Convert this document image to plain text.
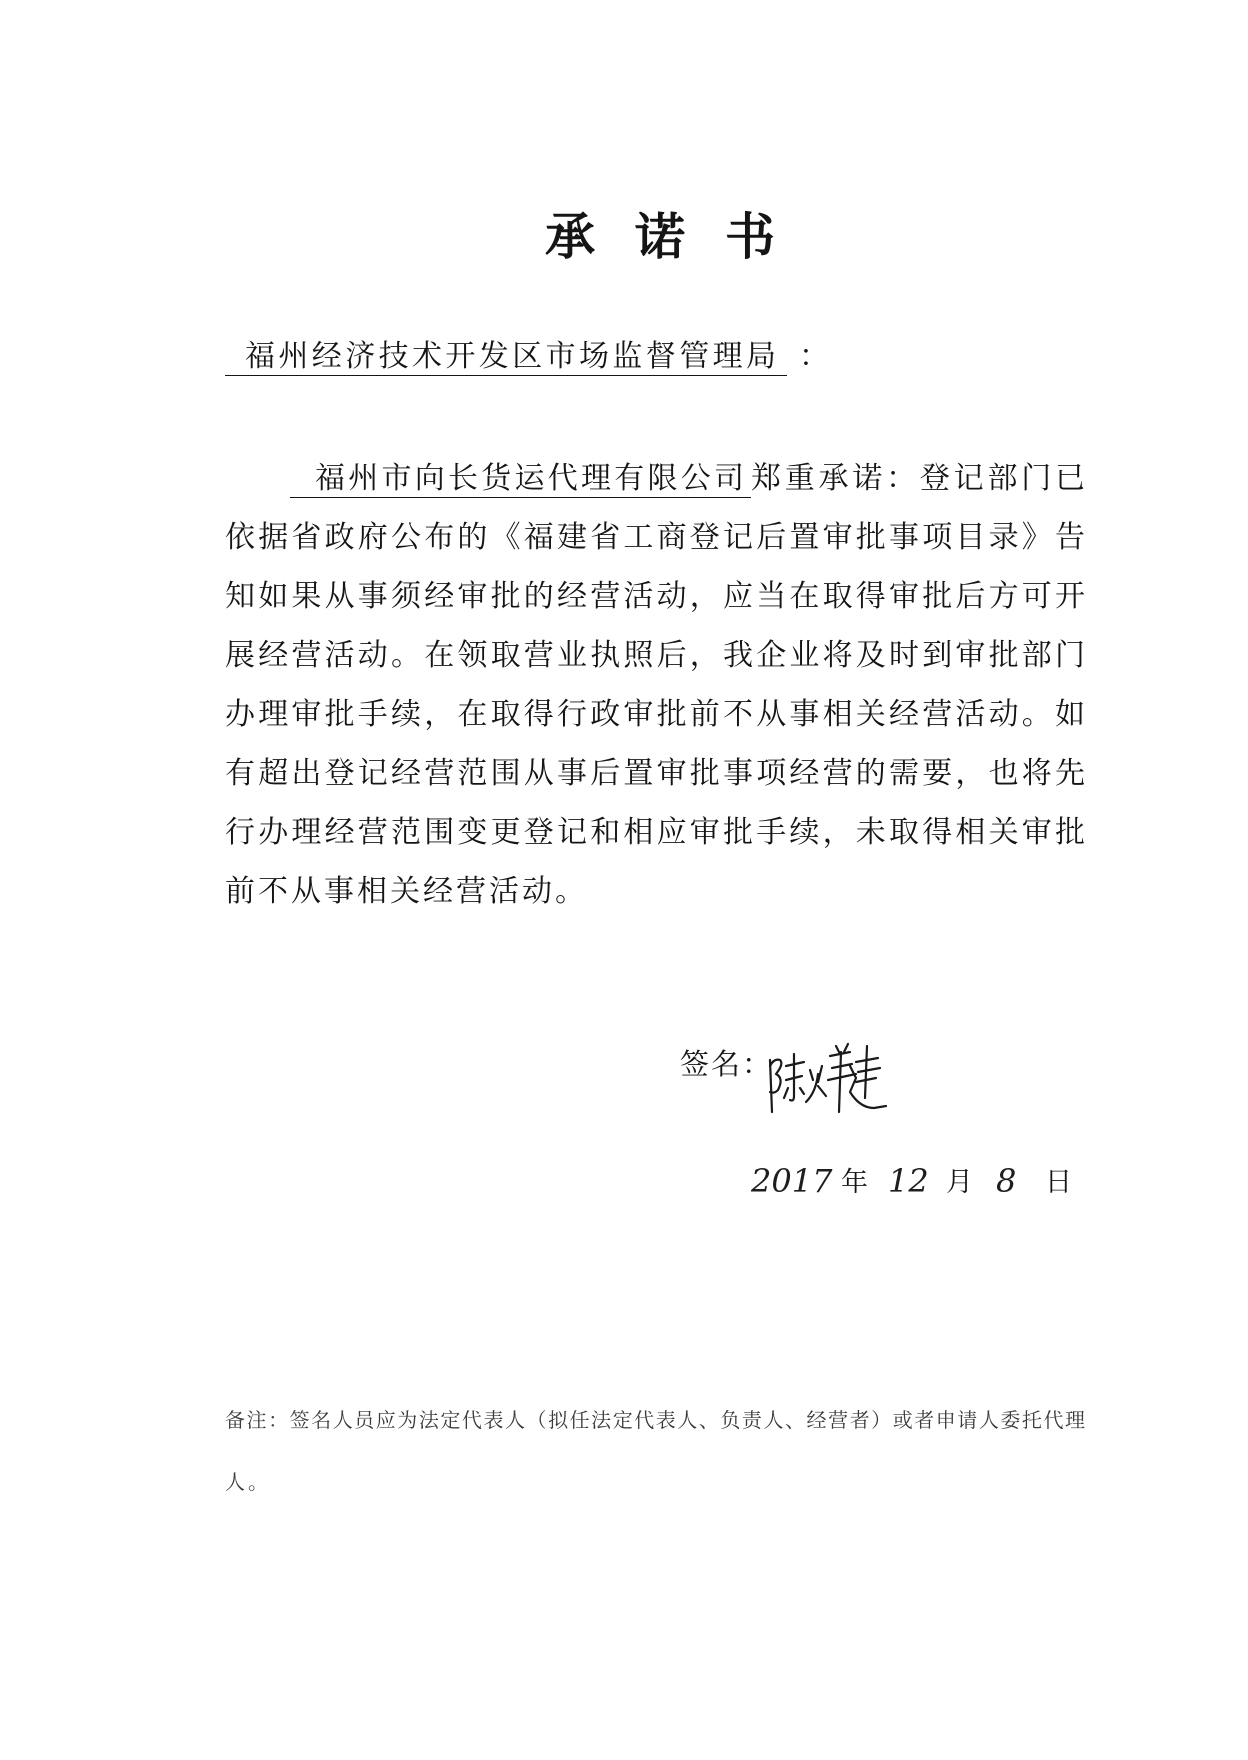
承诺书
福州经济技术开发区市场监督管理局 ：
福州市向长货运代理有限公司 郑重承诺：登记部门已
依据省政府公布的《福建省工商登记后置审批事项目录》告
知如果从事须经审批的经营活动，应当在取得审批后方可开
展经营活动。在领取营业执照后，我企业将及时到审批部门
办理审批手续，在取得行政审批前不从事相关经营活动。如
有超出登记经营范围从事后置审批事项经营的需要，也将先
行办理经营范围变更登记和相应审批手续，未取得相关审批
前不从事相关经营活动。
签名：
2017 年 12 月 8 日
备注：签名人员应为法定代表人（拟任法定代表人、负责人、经营者）或者申请人委托代理
人。
